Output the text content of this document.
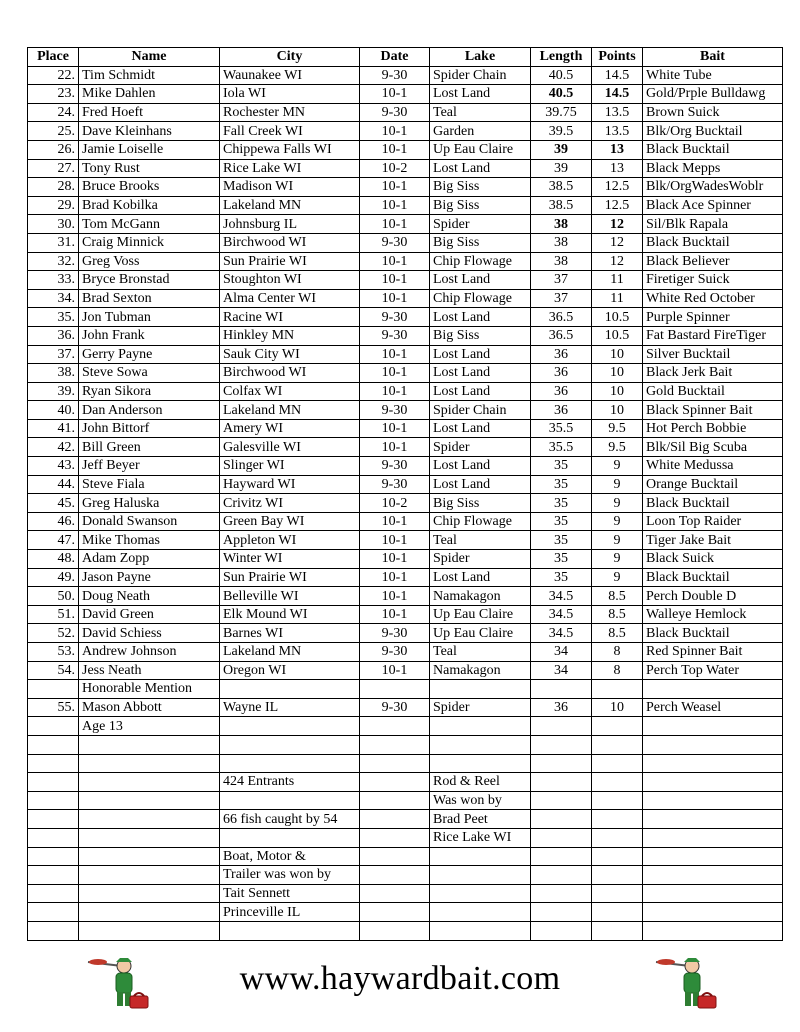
Place	Name	City	Date	Lake	Length	Points	Bait
22.	Tim Schmidt	Waunakee WI	9-30	Spider Chain	40.5	14.5	White Tube
23.	Mike Dahlen	Iola WI	10-1	Lost Land	40.5	14.5	Gold/Prple Bulldawg
24.	Fred Hoeft	Rochester MN	9-30	Teal	39.75	13.5	Brown Suick
25.	Dave Kleinhans	Fall Creek WI	10-1	Garden	39.5	13.5	Blk/Org Bucktail
26.	Jamie Loiselle	Chippewa Falls WI	10-1	Up Eau Claire	39	13	Black Bucktail
27.	Tony Rust	Rice Lake WI	10-2	Lost Land	39	13	Black Mepps
28.	Bruce Brooks	Madison WI	10-1	Big Siss	38.5	12.5	Blk/OrgWadesWoblr
29.	Brad Kobilka	Lakeland MN	10-1	Big Siss	38.5	12.5	Black Ace Spinner
30.	Tom McGann	Johnsburg IL	10-1	Spider	38	12	Sil/Blk Rapala
31.	Craig Minnick	Birchwood WI	9-30	Big Siss	38	12	Black Bucktail
32.	Greg Voss	Sun Prairie WI	10-1	Chip Flowage	38	12	Black Believer
33.	Bryce Bronstad	Stoughton WI	10-1	Lost Land	37	11	Firetiger Suick
34.	Brad Sexton	Alma Center WI	10-1	Chip Flowage	37	11	White Red October
35.	Jon Tubman	Racine WI	9-30	Lost Land	36.5	10.5	Purple Spinner
36.	John Frank	Hinkley MN	9-30	Big Siss	36.5	10.5	Fat Bastard FireTiger
37.	Gerry Payne	Sauk City WI	10-1	Lost Land	36	10	Silver Bucktail
38.	Steve Sowa	Birchwood WI	10-1	Lost Land	36	10	Black Jerk Bait
39.	Ryan Sikora	Colfax WI	10-1	Lost Land	36	10	Gold Bucktail
40.	Dan Anderson	Lakeland MN	9-30	Spider Chain	36	10	Black Spinner Bait
41.	John Bittorf	Amery WI	10-1	Lost Land	35.5	9.5	Hot Perch Bobbie
42.	Bill Green	Galesville WI	10-1	Spider	35.5	9.5	Blk/Sil Big Scuba
43.	Jeff Beyer	Slinger WI	9-30	Lost Land	35	9	White Medussa
44.	Steve Fiala	Hayward WI	9-30	Lost Land	35	9	Orange Bucktail
45.	Greg Haluska	Crivitz WI	10-2	Big Siss	35	9	Black Bucktail
46.	Donald Swanson	Green Bay WI	10-1	Chip Flowage	35	9	Loon Top Raider
47.	Mike Thomas	Appleton WI	10-1	Teal	35	9	Tiger Jake Bait
48.	Adam Zopp	Winter WI	10-1	Spider	35	9	Black Suick
49.	Jason Payne	Sun Prairie WI	10-1	Lost Land	35	9	Black Bucktail
50.	Doug Neath	Belleville WI	10-1	Namakagon	34.5	8.5	Perch Double D
51.	David Green	Elk Mound WI	10-1	Up Eau Claire	34.5	8.5	Walleye Hemlock
52.	David Schiess	Barnes WI	9-30	Up Eau Claire	34.5	8.5	Black Bucktail
53.	Andrew Johnson	Lakeland MN	9-30	Teal	34	8	Red Spinner Bait
54.	Jess Neath	Oregon WI	10-1	Namakagon	34	8	Perch Top Water
	Honorable Mention						
55.	Mason Abbott	Wayne IL	9-30	Spider	36	10	Perch Weasel
	Age 13						

		424 Entrants		Rod & Reel			
				Was won by			
		66 fish caught by 54		Brad Peet			
				Rice Lake WI			
		Boat, Motor &					
		Trailer was won by					
		Tait Sennett					
		Princeville IL					

www.haywardbait.com
